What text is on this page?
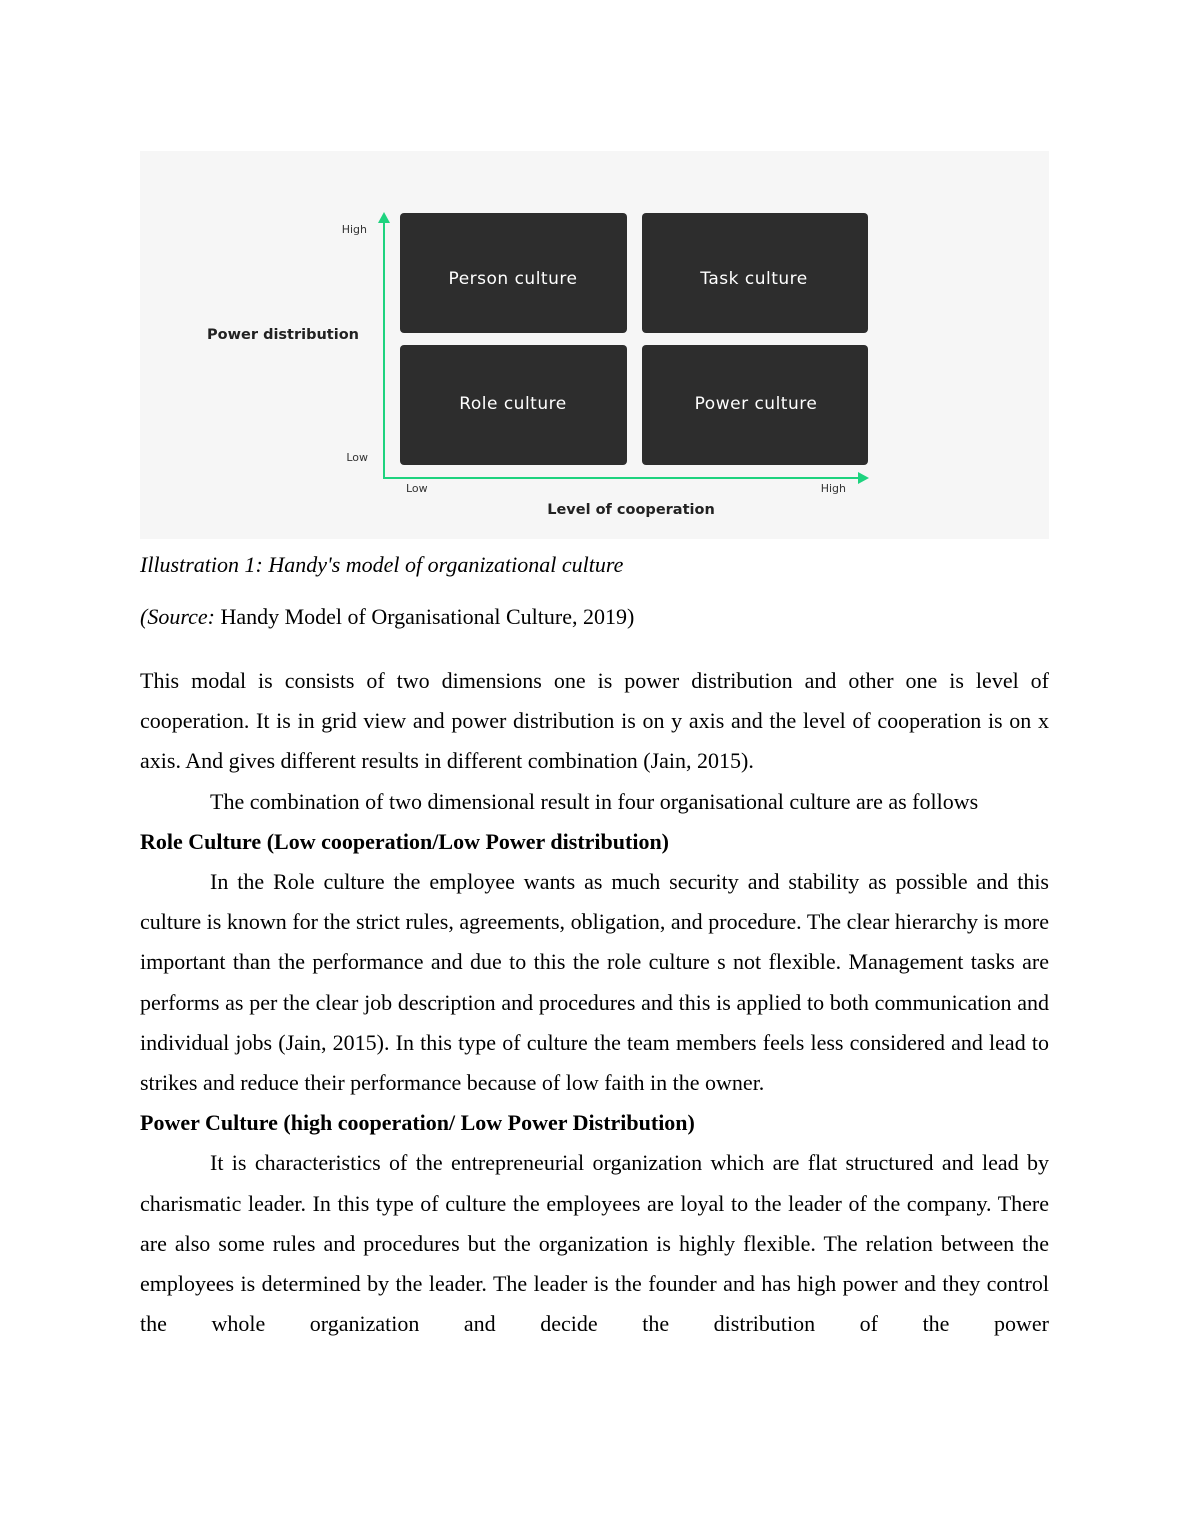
Person culture	Task culture
Role culture	Power culture
High
Low
Power distribution
Low	High
Level of cooperation
Illustration 1: Handy's model of organizational culture
(Source: Handy Model of Organisational Culture, 2019)

This modal is consists of two dimensions one is power distribution and other one is level of cooperation. It is in grid view and power distribution is on y axis and the level of cooperation is on x axis. And gives different results in different combination (Jain, 2015).

The combination of two dimensional result in four organisational culture are as follows

Role Culture (Low cooperation/Low Power distribution)

In the Role culture the employee wants as much security and stability as possible and this culture is known for the strict rules, agreements, obligation, and procedure. The clear hierarchy is more important than the performance and due to this the role culture s not flexible. Management tasks are performs as per the clear job description and procedures and this is applied to both communication and individual jobs (Jain, 2015). In this type of culture the team members feels less considered and lead to strikes and reduce their performance because of low faith in the owner.

Power Culture (high cooperation/ Low Power Distribution)

It is characteristics of the entrepreneurial organization which are flat structured and lead by charismatic leader. In this type of culture the employees are loyal to the leader of the company. There are also some rules and procedures but the organization is highly flexible. The relation between the employees is determined by the leader. The leader is the founder and has high power and they control the whole organization and decide the distribution of the power
